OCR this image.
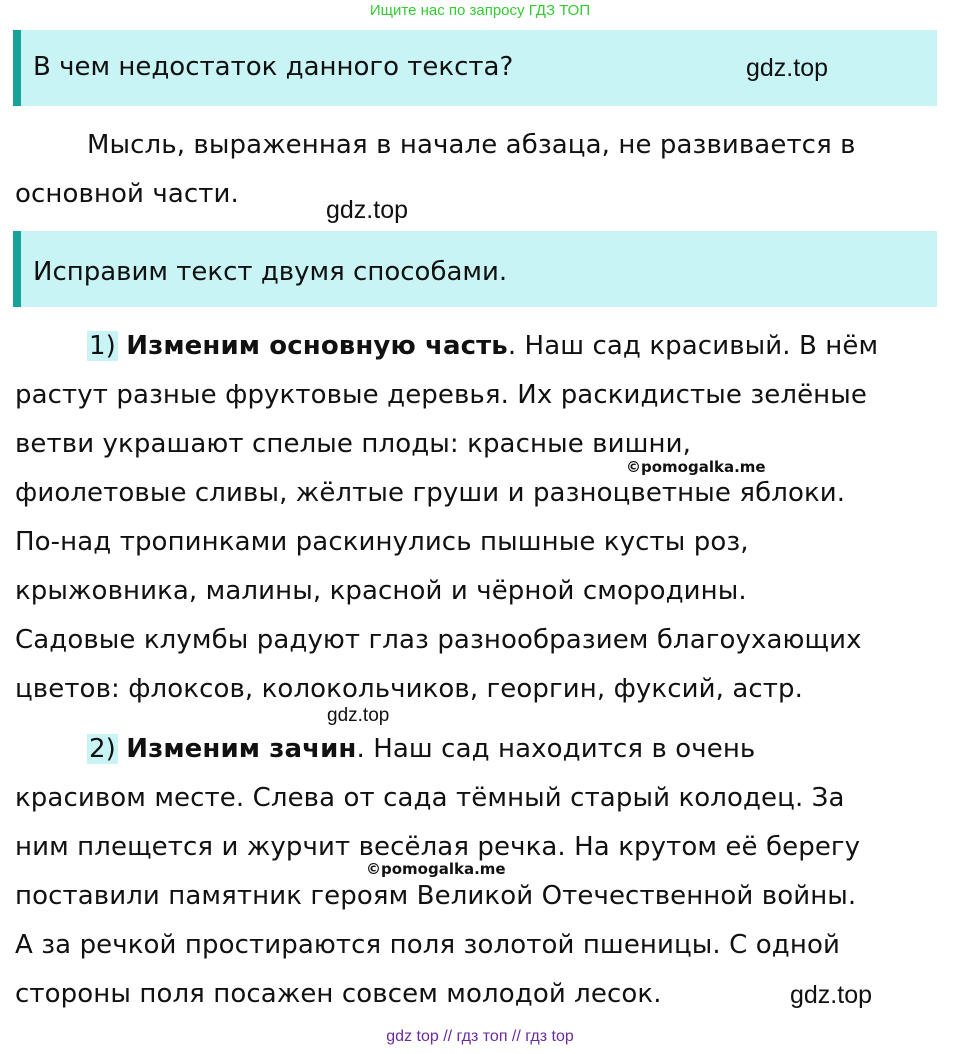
Ищите нас по запросу ГДЗ ТОП
В чем недостаток данного текста?	gdz.top
Мысль, выраженная в начале абзаца, не развивается в
основной части.
gdz.top
Исправим текст двумя способами.
1) Изменим основную часть. Наш сад красивый. В нём
растут разные фруктовые деревья. Их раскидистые зелёные
ветви украшают спелые плоды: красные вишни,
фиолетовые сливы, жёлтые груши и разноцветные яблоки.
По-над тропинками раскинулись пышные кусты роз,
крыжовника, малины, красной и чёрной смородины.
Садовые клумбы радуют глаз разнообразием благоухающих
цветов: флоксов, колокольчиков, георгин, фуксий, астр.
©pomogalka.me
gdz.top
2) Изменим зачин. Наш сад находится в очень
красивом месте. Слева от сада тёмный старый колодец. За
ним плещется и журчит весёлая речка. На крутом её берегу
поставили памятник героям Великой Отечественной войны.
А за речкой простираются поля золотой пшеницы. С одной
стороны поля посажен совсем молодой лесок.
©pomogalka.me
gdz.top
gdz top // гдз топ // гдз top
